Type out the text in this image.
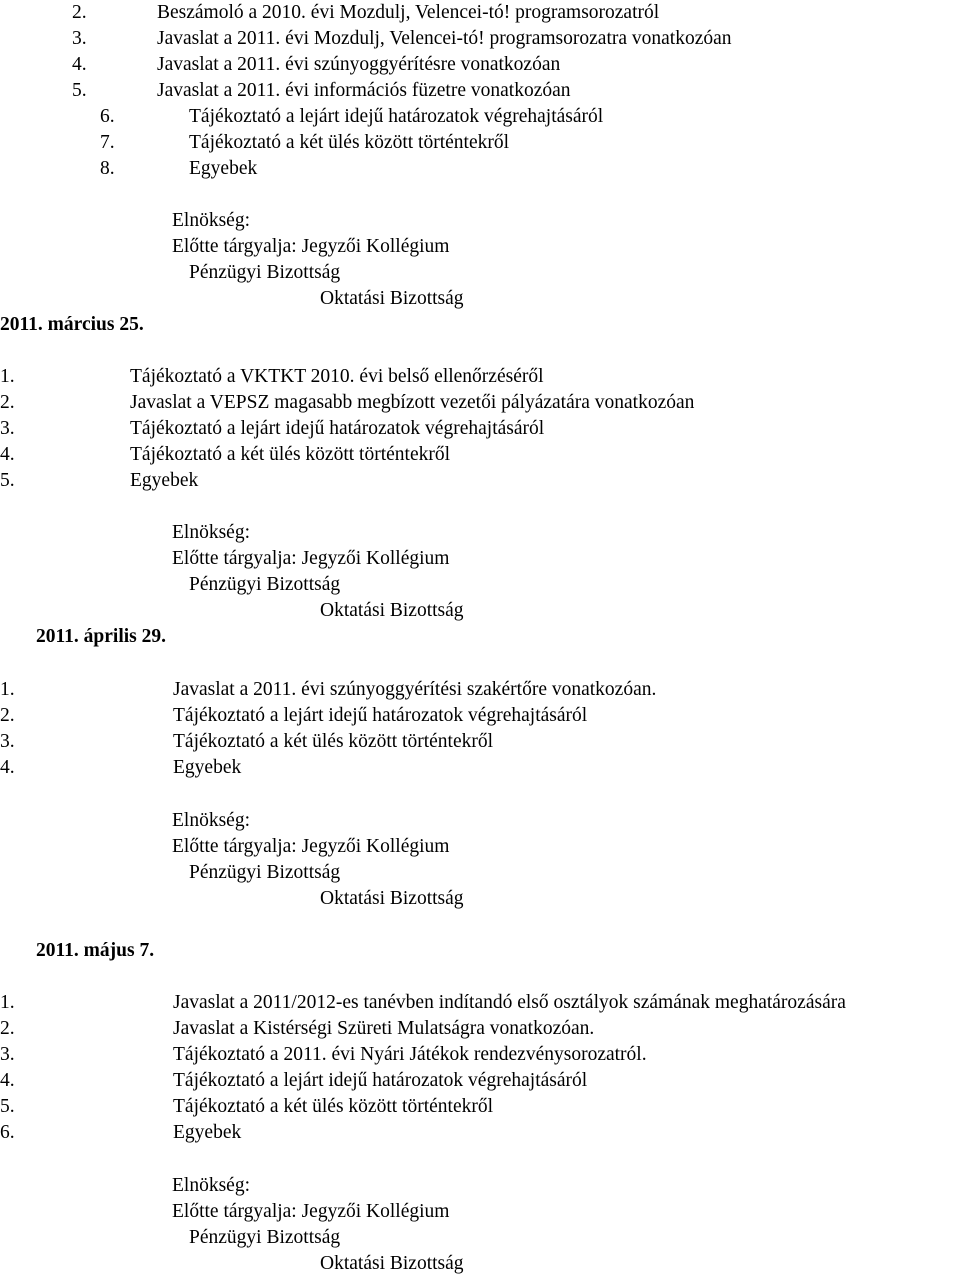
2.	Beszámoló a 2010. évi Mozdulj, Velencei-tó! programsorozatról
3.	Javaslat a 2011. évi Mozdulj, Velencei-tó! programsorozatra vonatkozóan
4.	Javaslat a 2011. évi szúnyoggyérítésre vonatkozóan
5.	Javaslat a 2011. évi információs füzetre vonatkozóan
6.	Tájékoztató a lejárt idejű határozatok végrehajtásáról
7.	Tájékoztató a két ülés között történtekről
8.	Egyebek
Elnökség:
Előtte tárgyalja: Jegyzői Kollégium
Pénzügyi Bizottság
Oktatási Bizottság
2011. március 25.
1.	Tájékoztató a VKTKT 2010. évi belső ellenőrzéséről
2.	Javaslat a VEPSZ magasabb megbízott vezetői pályázatára vonatkozóan
3.	Tájékoztató a lejárt idejű határozatok végrehajtásáról
4.	Tájékoztató a két ülés között történtekről
5.	Egyebek
Elnökség:
Előtte tárgyalja: Jegyzői Kollégium
Pénzügyi Bizottság
Oktatási Bizottság
2011. április 29.
1.	Javaslat a 2011. évi szúnyoggyérítési szakértőre vonatkozóan.
2.	Tájékoztató a lejárt idejű határozatok végrehajtásáról
3.	Tájékoztató a két ülés között történtekről
4.	Egyebek
Elnökség:
Előtte tárgyalja: Jegyzői Kollégium
Pénzügyi Bizottság
Oktatási Bizottság
2011. május 7.
1.	Javaslat a 2011/2012-es tanévben indítandó első osztályok számának meghatározására
2.	Javaslat a Kistérségi Szüreti Mulatságra vonatkozóan.
3.	Tájékoztató a 2011. évi Nyári Játékok rendezvénysorozatról.
4.	Tájékoztató a lejárt idejű határozatok végrehajtásáról
5.	Tájékoztató a két ülés között történtekről
6.	Egyebek
Elnökség:
Előtte tárgyalja: Jegyzői Kollégium
Pénzügyi Bizottság
Oktatási Bizottság
